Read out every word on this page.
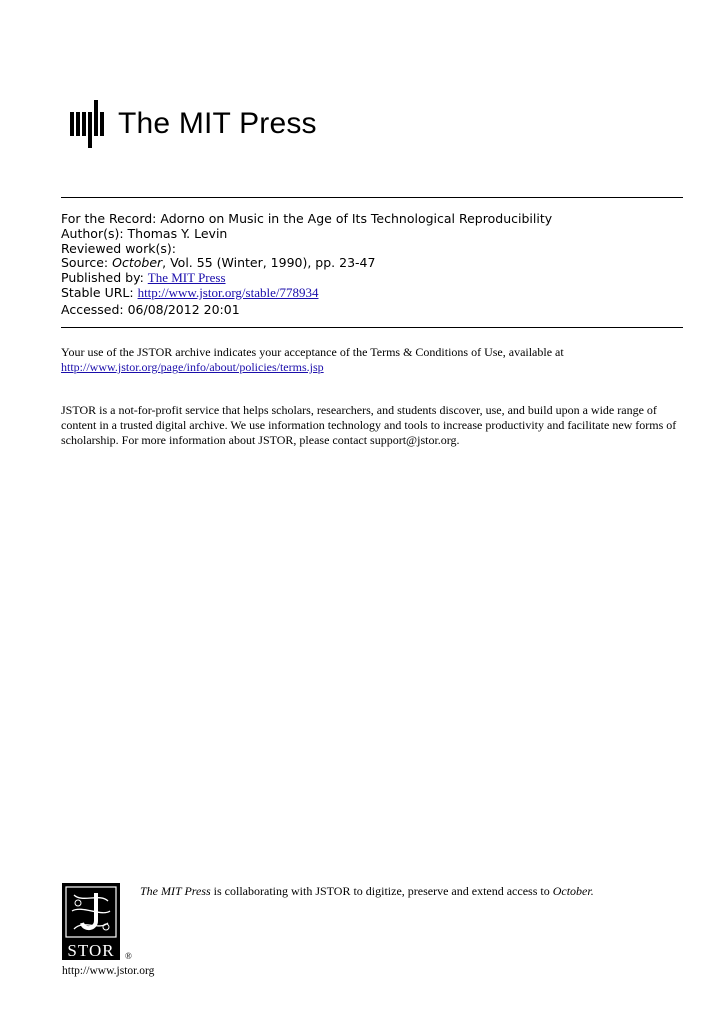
The MIT Press
For the Record: Adorno on Music in the Age of Its Technological Reproducibility
Author(s): Thomas Y. Levin
Reviewed work(s):
Source: October, Vol. 55 (Winter, 1990), pp. 23-47
Published by: The MIT Press
Stable URL: http://www.jstor.org/stable/778934
Accessed: 06/08/2012 20:01
Your use of the JSTOR archive indicates your acceptance of the Terms & Conditions of Use, available at
http://www.jstor.org/page/info/about/policies/terms.jsp
JSTOR is a not-for-profit service that helps scholars, researchers, and students discover, use, and build upon a wide range of content in a trusted digital archive. We use information technology and tools to increase productivity and facilitate new forms of scholarship. For more information about JSTOR, please contact support@jstor.org.
STOR	®
The MIT Press is collaborating with JSTOR to digitize, preserve and extend access to October.
http://www.jstor.org
